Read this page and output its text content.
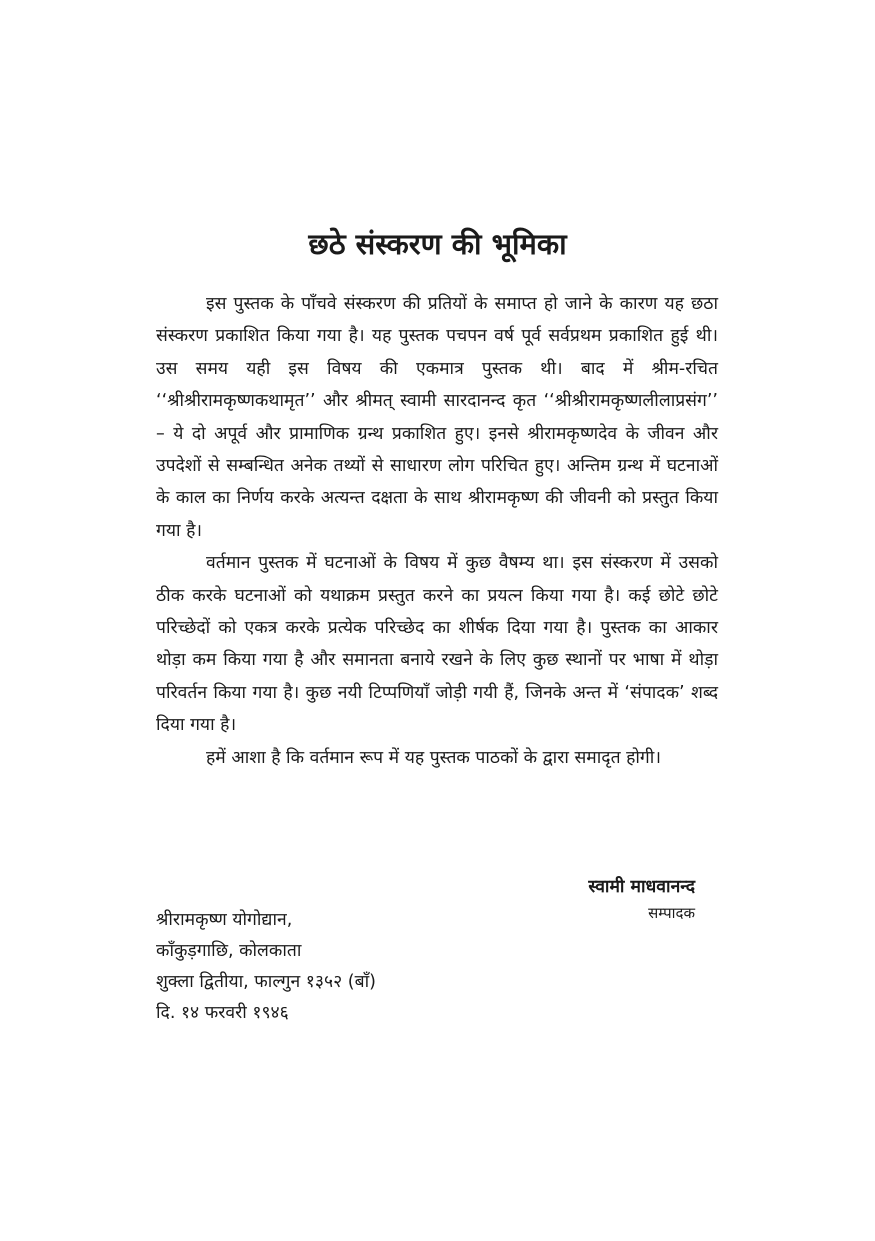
छठे संस्करण की भूमिका

इस पुस्तक के पाँचवे संस्करण की प्रतियों के समाप्त हो जाने के कारण यह छठा संस्करण प्रकाशित किया गया है। यह पुस्तक पचपन वर्ष पूर्व सर्वप्रथम प्रकाशित हुई थी। उस समय यही इस विषय की एकमात्र पुस्तक थी। बाद में श्रीम-रचित ‘‘श्रीश्रीरामकृष्णकथामृत’’ और श्रीमत् स्वामी सारदानन्द कृत ‘‘श्रीश्रीरामकृष्णलीलाप्रसंग’’ – ये दो अपूर्व और प्रामाणिक ग्रन्थ प्रकाशित हुए। इनसे श्रीरामकृष्णदेव के जीवन और उपदेशों से सम्बन्धित अनेक तथ्यों से साधारण लोग परिचित हुए। अन्तिम ग्रन्थ में घटनाओं के काल का निर्णय करके अत्यन्त दक्षता के साथ श्रीरामकृष्ण की जीवनी को प्रस्तुत किया गया है।

वर्तमान पुस्तक में घटनाओं के विषय में कुछ वैषम्य था। इस संस्करण में उसको ठीक करके घटनाओं को यथाक्रम प्रस्तुत करने का प्रयत्न किया गया है। कई छोटे छोटे परिच्छेदों को एकत्र करके प्रत्येक परिच्छेद का शीर्षक दिया गया है। पुस्तक का आकार थोड़ा कम किया गया है और समानता बनाये रखने के लिए कुछ स्थानों पर भाषा में थोड़ा परिवर्तन किया गया है। कुछ नयी टिप्पणियाँ जोड़ी गयी हैं, जिनके अन्त में ‘संपादक’ शब्द दिया गया है।

हमें आशा है कि वर्तमान रूप में यह पुस्तक पाठकों के द्वारा समादृत होगी।

स्वामी माधवानन्द
सम्पादक
श्रीरामकृष्ण योगोद्यान,
काँकुड़गाछि, कोलकाता
शुक्ला द्वितीया, फाल्गुन १३५२ (बाँ)
दि. १४ फरवरी १९४६
